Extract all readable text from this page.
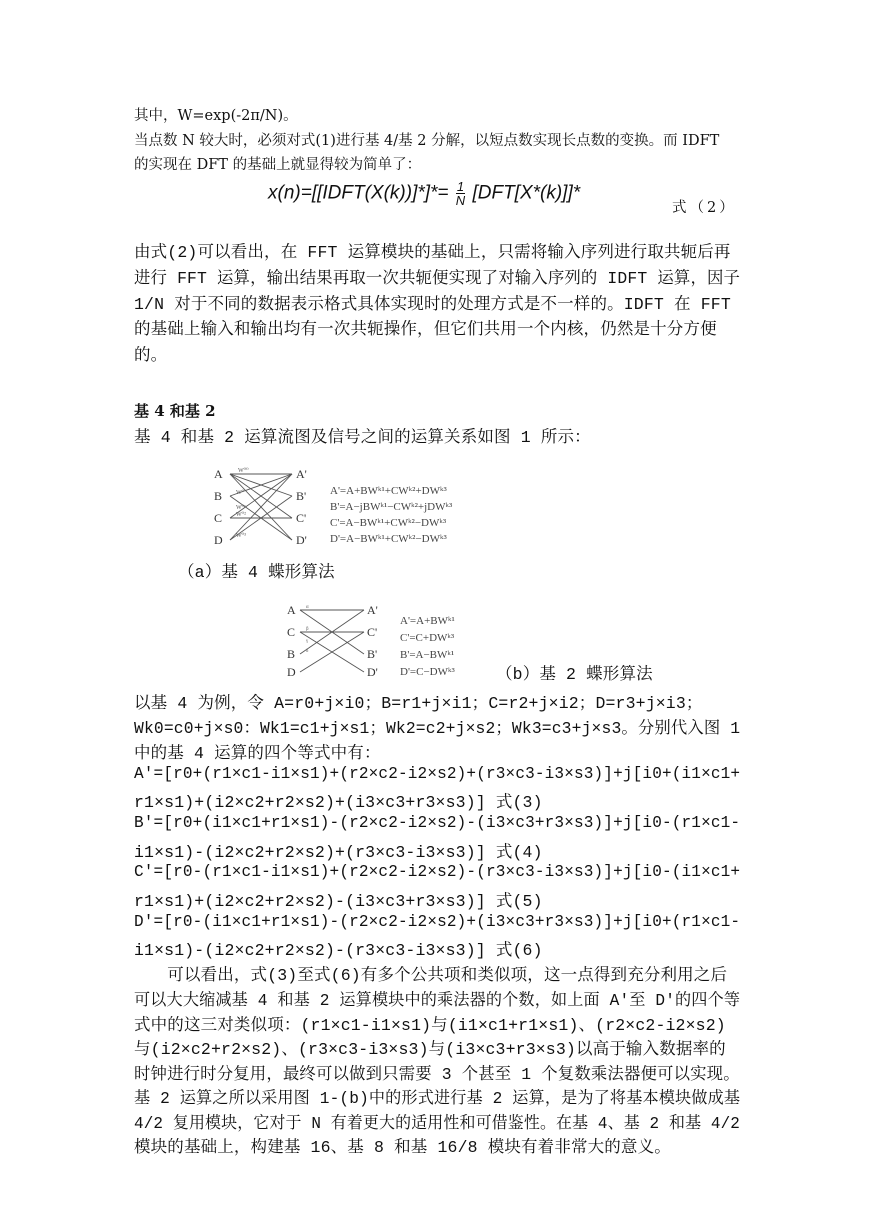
其中，W=exp(-2π/N)。
当点数 N 较大时，必须对式(1)进行基 4/基 2 分解，以短点数实现长点数的变换。而 IDFT
的实现在 DFT 的基础上就显得较为简单了：
x(n)=[[IDFT(X(k))]*]*= $\frac{1}{N} [DFT[X*(k)]]*$
式（2）
由式(2)可以看出，在 FFT 运算模块的基础上，只需将输入序列进行取共轭后再
进行 FFT 运算，输出结果再取一次共轭便实现了对输入序列的 IDFT 运算，因子
1/N 对于不同的数据表示格式具体实现时的处理方式是不一样的。IDFT 在 FFT
的基础上输入和输出均有一次共轭操作，但它们共用一个内核，仍然是十分方便
的。
基 4 和基 2
基 4 和基 2 运算流图及信号之间的运算关系如图 1 所示：
A
B
C
D
A'
B'
C'
D'
W⁰⁰
W⁰
W⁰¹
W⁰²
W⁰³
A'=A+BWᵏ¹+CWᵏ²+DWᵏ³
B'=A−jBWᵏ¹−CWᵏ²+jDWᵏ³
C'=A−BWᵏ¹+CWᵏ²−DWᵏ³
D'=A−BWᵏ¹+CWᵏ²−DWᵏ³
（a）基 4 蝶形算法
A
C
B
D
A'
C'
B'
D'
α
β
γ
δ
A'=A+BWᵏ¹
C'=C+DWᵏ³
B'=A−BWᵏ¹
D'=C−DWᵏ³ （b）基 2 蝶形算法
以基 4 为例，令 A=r0+j×i0；B=r1+j×i1；C=r2+j×i2；D=r3+j×i3；
Wk0=c0+j×s0：Wk1=c1+j×s1；Wk2=c2+j×s2；Wk3=c3+j×s3。分别代入图 1
中的基 4 运算的四个等式中有：
A'=[r0+(r1×c1-i1×s1)+(r2×c2-i2×s2)+(r3×c3-i3×s3)]+j[i0+(i1×c1+
r1×s1)+(i2×c2+r2×s2)+(i3×c3+r3×s3)] 式(3)
B'=[r0+(i1×c1+r1×s1)-(r2×c2-i2×s2)-(i3×c3+r3×s3)]+j[i0-(r1×c1-
i1×s1)-(i2×c2+r2×s2)+(r3×c3-i3×s3)] 式(4)
C'=[r0-(r1×c1-i1×s1)+(r2×c2-i2×s2)-(r3×c3-i3×s3)]+j[i0-(i1×c1+
r1×s1)+(i2×c2+r2×s2)-(i3×c3+r3×s3)] 式(5)
D'=[r0-(i1×c1+r1×s1)-(r2×c2-i2×s2)+(i3×c3+r3×s3)]+j[i0+(r1×c1-
i1×s1)-(i2×c2+r2×s2)-(r3×c3-i3×s3)] 式(6)
　　可以看出，式(3)至式(6)有多个公共项和类似项，这一点得到充分利用之后
可以大大缩减基 4 和基 2 运算模块中的乘法器的个数，如上面 A'至 D'的四个等
式中的这三对类似项：(r1×c1-i1×s1)与(i1×c1+r1×s1)、(r2×c2-i2×s2)
与(i2×c2+r2×s2)、(r3×c3-i3×s3)与(i3×c3+r3×s3)以高于输入数据率的
时钟进行时分复用，最终可以做到只需要 3 个甚至 1 个复数乘法器便可以实现。
基 2 运算之所以采用图 1-(b)中的形式进行基 2 运算，是为了将基本模块做成基
4/2 复用模块，它对于 N 有着更大的适用性和可借鉴性。在基 4、基 2 和基 4/2
模块的基础上，构建基 16、基 8 和基 16/8 模块有着非常大的意义。
